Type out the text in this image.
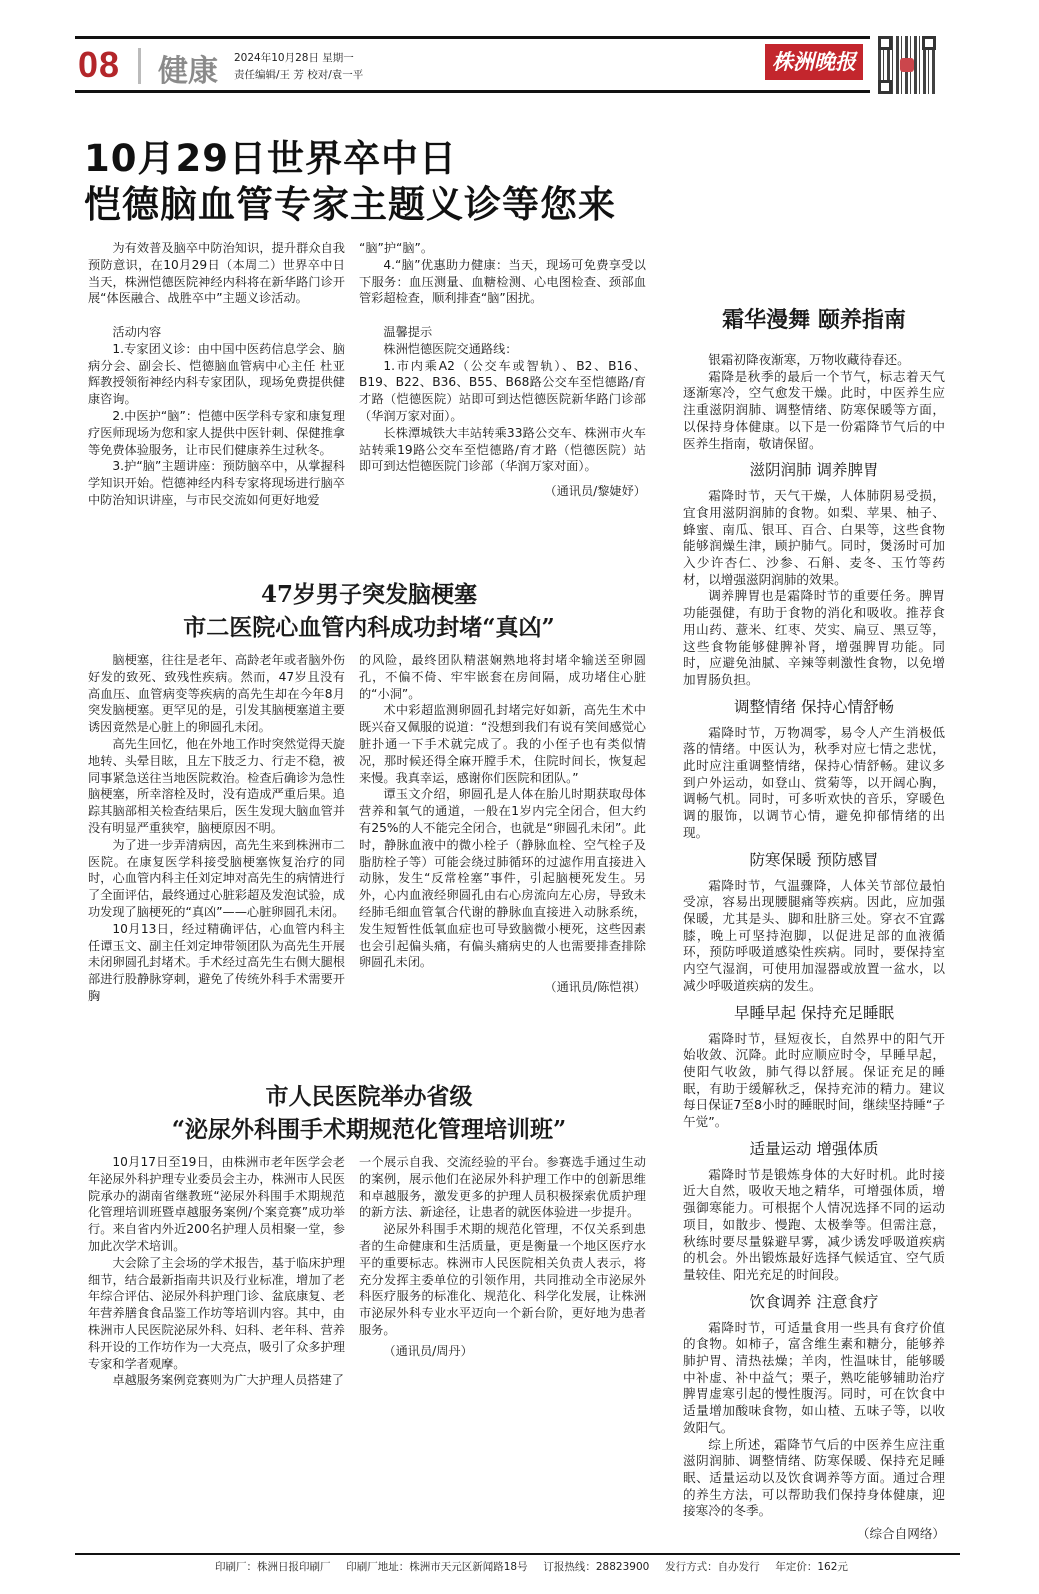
08 健康 2024年10月28日 星期一
责任编辑/王 芳 校对/袁一平
株洲晚报
10月29日世界卒中日
恺德脑血管专家主题义诊等您来

为有效普及脑卒中防治知识，提升群众自我预防意识，在10月29日（本周二）世界卒中日当天，株洲恺德医院神经内科将在新华路门诊开展“体医融合、战胜卒中”主题义诊活动。

活动内容

1.专家团义诊：由中国中医药信息学会、脑病分会、副会长、恺德脑血管病中心主任 杜亚辉教授领衔神经内科专家团队，现场免费提供健康咨询。

2.中医护“脑”：恺德中医学科专家和康复理疗医师现场为您和家人提供中医针刺、保健推拿等免费体验服务，让市民们健康养生过秋冬。

3.护“脑”主题讲座：预防脑卒中，从掌握科学知识开始。恺德神经内科专家将现场进行脑卒中防治知识讲座，与市民交流如何更好地爱

“脑”护“脑”。

4.“脑”优惠助力健康：当天，现场可免费享受以下服务：血压测量、血糖检测、心电图检查、颈部血管彩超检查，顺利排查“脑”困扰。

温馨提示

株洲恺德医院交通路线：

1.市内乘A2（公交车或智轨）、B2、B16、B19、B22、B36、B55、B68路公交车至恺德路/育才路（恺德医院）站即可到达恺德医院新华路门诊部（华润万家对面）。

长株潭城铁大丰站转乘33路公交车、株洲市火车站转乘19路公交车至恺德路/育才路（恺德医院）站即可到达恺德医院门诊部（华润万家对面）。

（通讯员/黎婕妤）

47岁男子突发脑梗塞
市二医院心血管内科成功封堵“真凶”

脑梗塞，往往是老年、高龄老年或者脑外伤好发的致死、致残性疾病。然而，47岁且没有高血压、血管病变等疾病的高先生却在今年8月突发脑梗塞。更罕见的是，引发其脑梗塞道主要诱因竟然是心脏上的卵圆孔未闭。

高先生回忆，他在外地工作时突然觉得天旋地转、头晕目眩，且左下肢乏力、行走不稳，被同事紧急送往当地医院救治。检查后确诊为急性脑梗塞，所幸溶栓及时，没有造成严重后果。追踪其脑部相关检查结果后，医生发现大脑血管并没有明显严重狭窄，脑梗原因不明。

为了进一步弄清病因，高先生来到株洲市二医院。在康复医学科接受脑梗塞恢复治疗的同时，心血管内科主任刘定坤对高先生的病情进行了全面评估，最终通过心脏彩超及发泡试验，成功发现了脑梗死的“真凶”——心脏卵圆孔未闭。

10月13日，经过精确评估，心血管内科主任谭玉文、副主任刘定坤带领团队为高先生开展未闭卵圆孔封堵术。手术经过高先生右侧大腿根部进行股静脉穿刺，避免了传统外科手术需要开胸

的风险，最终团队精湛娴熟地将封堵伞输送至卵圆孔，不偏不倚、牢牢嵌套在房间隔，成功堵住心脏的“小洞”。

术中彩超监测卵圆孔封堵完好如新，高先生术中既兴奋又佩服的说道：“没想到我们有说有笑间感觉心脏扑通一下手术就完成了。我的小侄子也有类似情况，那时候还得全麻开膛手术，住院时间长，恢复起来慢。我真幸运，感谢你们医院和团队。”

谭玉文介绍，卵圆孔是人体在胎儿时期获取母体营养和氧气的通道，一般在1岁内完全闭合，但大约有25%的人不能完全闭合，也就是“卵圆孔未闭”。此时，静脉血液中的微小栓子（静脉血栓、空气栓子及脂肪栓子等）可能会绕过肺循环的过滤作用直接进入动脉，发生“反常栓塞”事件，引起脑梗死发生。另外，心内血液经卵圆孔由右心房流向左心房，导致未经肺毛细血管氧合代谢的静脉血直接进入动脉系统，发生短暂性低氧血症也可导致脑微小梗死，这些因素也会引起偏头痛，有偏头痛病史的人也需要排查排除卵圆孔未闭。

（通讯员/陈恺祺）

市人民医院举办省级
“泌尿外科围手术期规范化管理培训班”

10月17日至19日，由株洲市老年医学会老年泌尿外科护理专业委员会主办，株洲市人民医院承办的湖南省继教班“泌尿外科围手术期规范化管理培训班暨卓越服务案例/个案竞赛”成功举行。来自省内外近200名护理人员相聚一堂，参加此次学术培训。

大会除了主会场的学术报告，基于临床护理细节，结合最新指南共识及行业标准，增加了老年综合评估、泌尿外科护理门诊、盆底康复、老年营养膳食食品鉴工作坊等培训内容。其中，由株洲市人民医院泌尿外科、妇科、老年科、营养科开设的工作坊作为一大亮点，吸引了众多护理专家和学者观摩。

卓越服务案例竞赛则为广大护理人员搭建了

一个展示自我、交流经验的平台。参赛选手通过生动的案例，展示他们在泌尿外科护理工作中的创新思维和卓越服务，激发更多的护理人员积极探索优质护理的新方法、新途径，让患者的就医体验进一步提升。

泌尿外科围手术期的规范化管理，不仅关系到患者的生命健康和生活质量，更是衡量一个地区医疗水平的重要标志。株洲市人民医院相关负责人表示，将充分发挥主委单位的引领作用，共同推动全市泌尿外科医疗服务的标准化、规范化、科学化发展，让株洲市泌尿外科专业水平迈向一个新台阶，更好地为患者服务。

（通讯员/周丹）

霜华漫舞 颐养指南

银霜初降夜渐寒，万物收藏待春还。

霜降是秋季的最后一个节气，标志着天气逐渐寒冷，空气愈发干燥。此时，中医养生应注重滋阴润肺、调整情绪、防寒保暖等方面，以保持身体健康。以下是一份霜降节气后的中医养生指南，敬请保留。

滋阴润肺 调养脾胃

霜降时节，天气干燥，人体肺阴易受损，宜食用滋阴润肺的食物。如梨、苹果、柚子、蜂蜜、南瓜、银耳、百合、白果等，这些食物能够润燥生津，顾护肺气。同时，煲汤时可加入少许杏仁、沙参、石斛、麦冬、玉竹等药材，以增强滋阴润肺的效果。

调养脾胃也是霜降时节的重要任务。脾胃功能强健，有助于食物的消化和吸收。推荐食用山药、薏米、红枣、芡实、扁豆、黑豆等，这些食物能够健脾补肾，增强脾胃功能。同时，应避免油腻、辛辣等刺激性食物，以免增加胃肠负担。

调整情绪 保持心情舒畅

霜降时节，万物凋零，易令人产生消极低落的情绪。中医认为，秋季对应七情之悲忧，此时应注重调整情绪，保持心情舒畅。建议多到户外运动，如登山、赏菊等，以开阔心胸，调畅气机。同时，可多听欢快的音乐，穿暖色调的服饰，以调节心情，避免抑郁情绪的出现。

防寒保暖 预防感冒

霜降时节，气温骤降，人体关节部位最怕受凉，容易出现腰腿痛等疾病。因此，应加强保暖，尤其是头、脚和肚脐三处。穿衣不宜露膝，晚上可坚持泡脚，以促进足部的血液循环，预防呼吸道感染性疾病。同时，要保持室内空气湿润，可使用加湿器或放置一盆水，以减少呼吸道疾病的发生。

早睡早起 保持充足睡眠

霜降时节，昼短夜长，自然界中的阳气开始收敛、沉降。此时应顺应时令，早睡早起，使阳气收敛，肺气得以舒展。保证充足的睡眠，有助于缓解秋乏，保持充沛的精力。建议每日保证7至8小时的睡眠时间，继续坚持睡“子午觉”。

适量运动 增强体质

霜降时节是锻炼身体的大好时机。此时接近大自然，吸收天地之精华，可增强体质，增强御寒能力。可根据个人情况选择不同的运动项目，如散步、慢跑、太极拳等。但需注意，秋练时要尽量躲避早雾，减少诱发呼吸道疾病的机会。外出锻炼最好选择气候适宜、空气质量较佳、阳光充足的时间段。

饮食调养 注意食疗

霜降时节，可适量食用一些具有食疗价值的食物。如柿子，富含维生素和糖分，能够养肺护胃、清热祛燥；羊肉，性温味甘，能够暖中补虚、补中益气；栗子，熟吃能够辅助治疗脾胃虚寒引起的慢性腹泻。同时，可在饮食中适量增加酸味食物，如山楂、五味子等，以收敛阳气。

综上所述，霜降节气后的中医养生应注重滋阴润肺、调整情绪、防寒保暖、保持充足睡眠、适量运动以及饮食调养等方面。通过合理的养生方法，可以帮助我们保持身体健康，迎接寒冷的冬季。

（综合自网络）

印刷厂：株洲日报印刷厂 印刷厂地址：株洲市天元区新闻路18号 订报热线：28823900 发行方式：自办发行 年定价：162元
